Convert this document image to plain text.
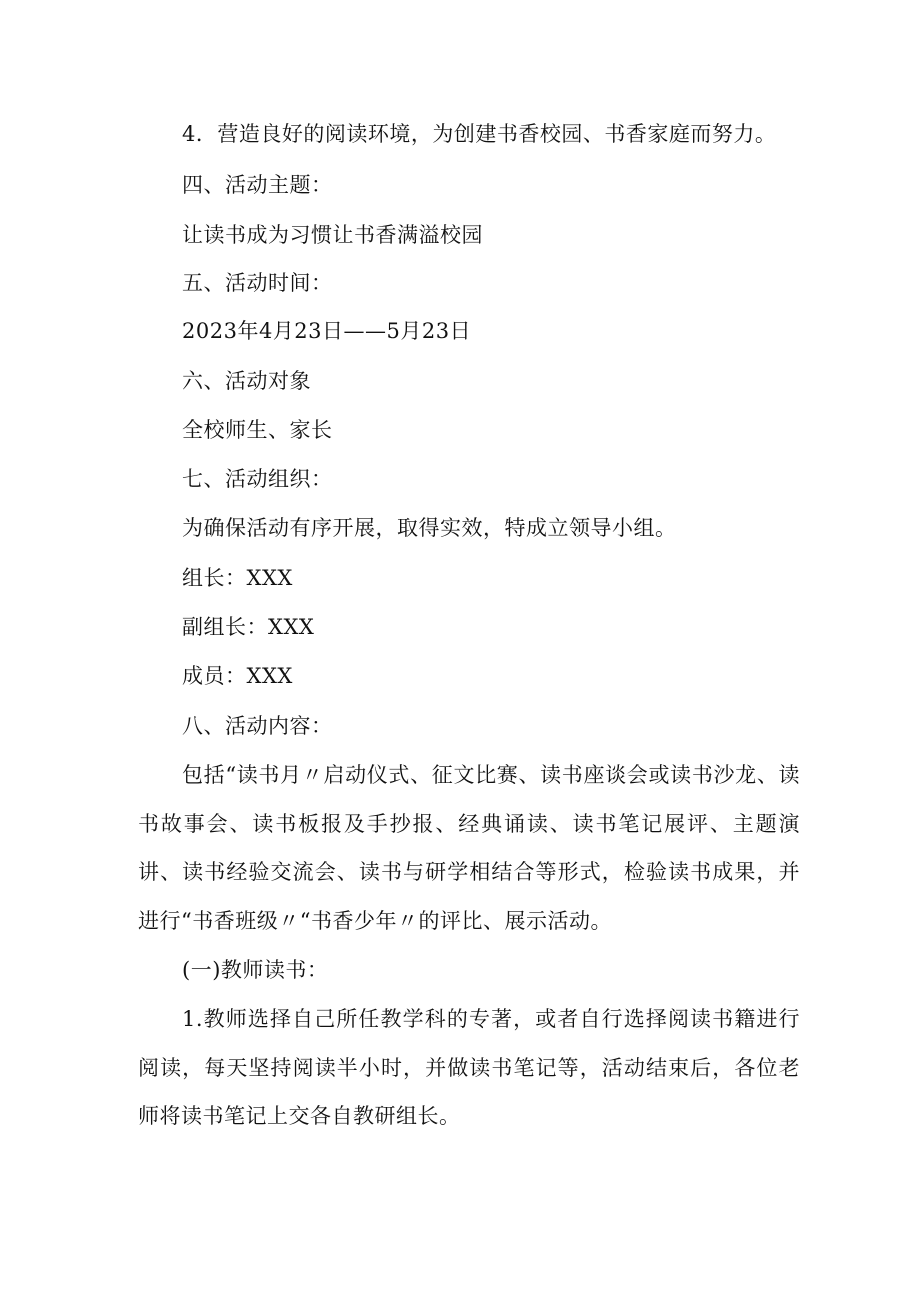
4．营造良好的阅读环境，为创建书香校园、书香家庭而努力。
四、活动主题：
让读书成为习惯让书香满溢校园
五、活动时间：
2023年4月23日——5月23日
六、活动对象
全校师生、家长
七、活动组织：
为确保活动有序开展，取得实效，特成立领导小组。
组长：XXX
副组长：XXX
成员：XXX
八、活动内容：
包括“读书月〃启动仪式、征文比赛、读书座谈会或读书沙龙、读书故事会、读书板报及手抄报、经典诵读、读书笔记展评、主题演讲、读书经验交流会、读书与研学相结合等形式，检验读书成果，并进行“书香班级〃“书香少年〃的评比、展示活动。
(一)教师读书：
1.教师选择自己所任教学科的专著，或者自行选择阅读书籍进行阅读，每天坚持阅读半小时，并做读书笔记等，活动结束后，各位老师将读书笔记上交各自教研组长。
